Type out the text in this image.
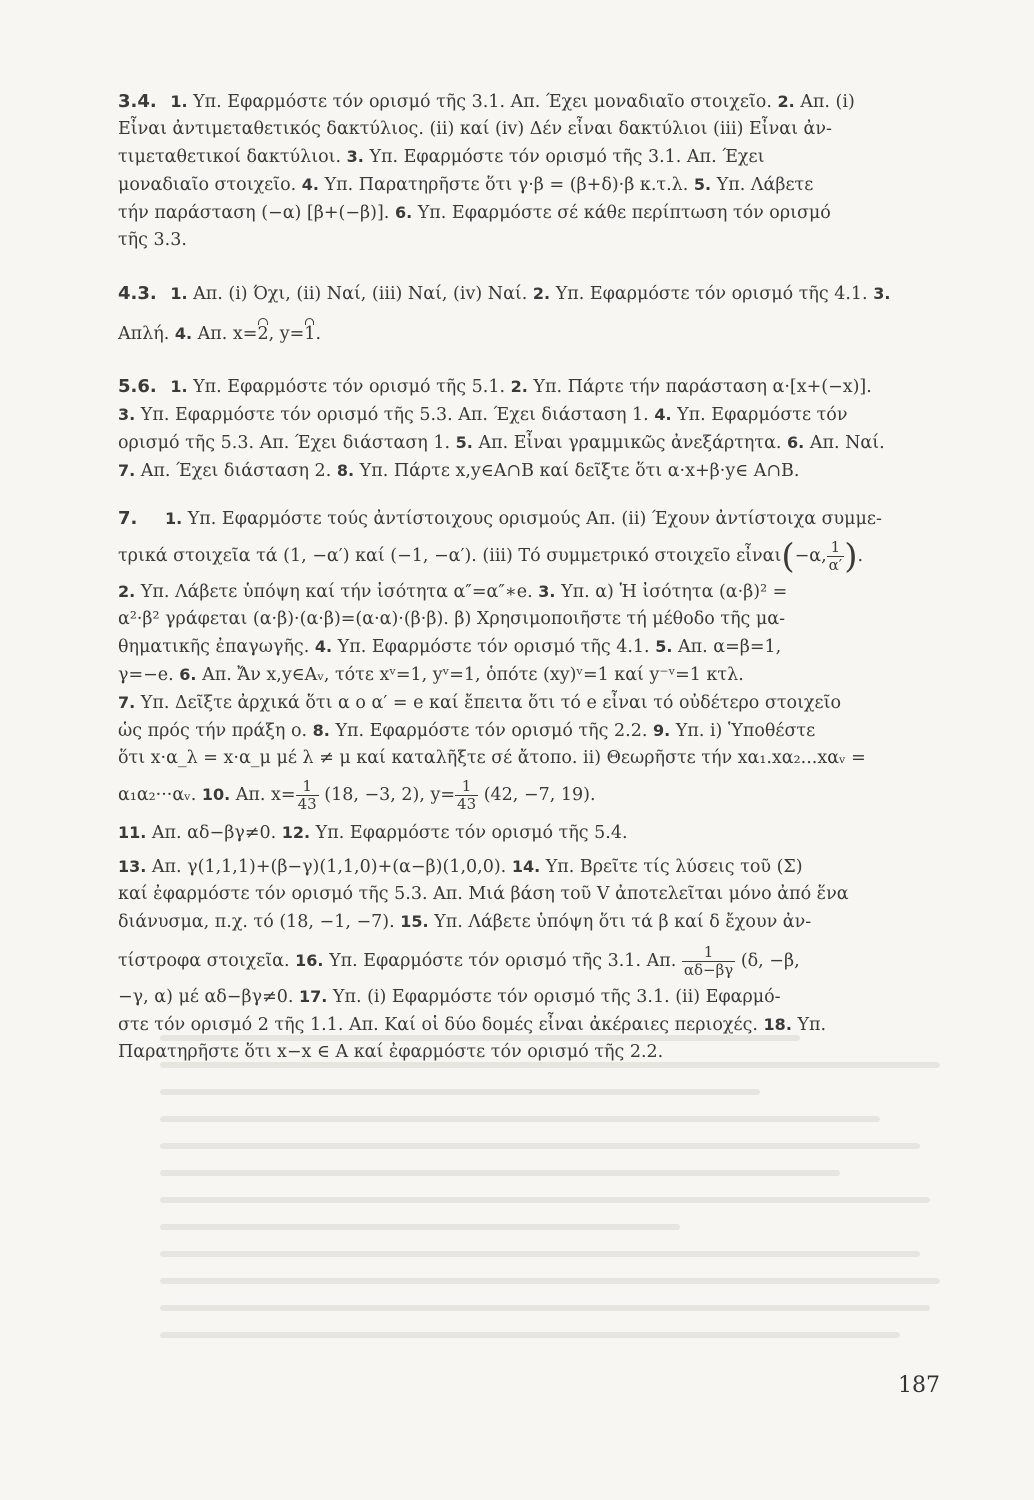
3.4. 1. Υπ. Εφαρμόστε τόν ορισμό τῆς 3.1. Απ. Έχει μοναδιαῖο στοιχεῖο. 2. Απ. (i)
Εἶναι ἀντιμεταθετικός δακτύλιος. (ii) καί (iv) Δέν εἶναι δακτύλιοι (iii) Εἶναι ἀν-
τιμεταθετικοί δακτύλιοι. 3. Υπ. Εφαρμόστε τόν ορισμό τῆς 3.1. Απ. Έχει
μοναδιαῖο στοιχεῖο. 4. Υπ. Παρατηρῆστε ὅτι γ·β = (β+δ)·β κ.τ.λ. 5. Υπ. Λάβετε
τήν παράσταση (−α) [β+(−β)]. 6. Υπ. Εφαρμόστε σέ κάθε περίπτωση τόν ορισμό
τῆς 3.3.
4.3. 1. Απ. (i) Όχι, (ii) Ναί, (iii) Ναί, (iv) Ναί. 2. Υπ. Εφαρμόστε τόν ορισμό τῆς 4.1. 3.
Απλή. 4. Απ. x=2, y=1.
5.6. 1. Υπ. Εφαρμόστε τόν ορισμό τῆς 5.1. 2. Υπ. Πάρτε τήν παράσταση α·[x+(−x)].
3. Υπ. Εφαρμόστε τόν ορισμό τῆς 5.3. Απ. Έχει διάσταση 1. 4. Υπ. Εφαρμόστε τόν
ορισμό τῆς 5.3. Απ. Έχει διάσταση 1. 5. Απ. Εἶναι γραμμικῶς ἀνεξάρτητα. 6. Απ. Ναί.
7. Απ. Έχει διάσταση 2. 8. Υπ. Πάρτε x,y∈A∩B καί δεῖξτε ὅτι α·x+β·y∈ A∩B.
7. 1. Υπ. Εφαρμόστε τούς ἀντίστοιχους ορισμούς Απ. (ii) Έχουν ἀντίστοιχα συμμε-
τρικά στοιχεῖα τά (1, −α′) καί (−1, −α′). (iii) Τό συμμετρικό στοιχεῖο εἶναι(−α, $\frac{1}{\alpha'}$ ).
2. Υπ. Λάβετε ὑπόψη καί τήν ἰσότητα α″=α″∗e. 3. Υπ. α) Ἡ ἰσότητα (α·β)² =
α²·β² γράφεται (α·β)·(α·β)=(α·α)·(β·β). β) Χρησιμοποιῆστε τή μέθοδο τῆς μα-
θηματικῆς ἐπαγωγῆς. 4. Υπ. Εφαρμόστε τόν ορισμό τῆς 4.1. 5. Απ. α=β=1,
γ=−e. 6. Απ. Ἄν x,y∈Aᵥ, τότε xᵛ=1, yᵛ=1, ὁπότε (xy)ᵛ=1 καί y⁻ᵛ=1 κτλ.
7. Υπ. Δεῖξτε ἀρχικά ὅτι α ο α′ = e καί ἔπειτα ὅτι τό e εἶναι τό οὐδέτερο στοιχεῖο
ὡς πρός τήν πράξη ο. 8. Υπ. Εφαρμόστε τόν ορισμό τῆς 2.2. 9. Υπ. i) Ὑποθέστε
ὅτι x·α_λ = x·α_μ μέ λ ≠ μ καί καταλῆξτε σέ ἄτοπο. ii) Θεωρῆστε τήν xα₁.xα₂...xαᵥ =
α₁α₂···αᵥ. 10. Απ. $x= \frac{1}{43} (18$, −3, 2), $y= \frac{1}{43} (42$, −7, 19).
11. Απ. αδ−βγ≠0. 12. Υπ. Εφαρμόστε τόν ορισμό τῆς 5.4.
13. Απ. γ(1,1,1)+(β−γ)(1,1,0)+(α−β)(1,0,0). 14. Υπ. Βρεῖτε τίς λύσεις τοῦ (Σ)
καί ἐφαρμόστε τόν ορισμό τῆς 5.3. Απ. Μιά βάση τοῦ V ἀποτελεῖται μόνο ἀπό ἕνα
διάνυσμα, π.χ. τό (18, −1, −7). 15. Υπ. Λάβετε ὑπόψη ὅτι τά β καί δ ἔχουν ἀν-
τίστροφα στοιχεῖα. 16. Υπ. Εφαρμόστε τόν ορισμό τῆς 3.1. Απ. $\frac{1}{\alpha\delta-\beta\gamma} (\delta$, −β,
−γ, α) μέ αδ−βγ≠0. 17. Υπ. (i) Εφαρμόστε τόν ορισμό τῆς 3.1. (ii) Εφαρμό-
στε τόν ορισμό 2 τῆς 1.1. Απ. Καί οἱ δύο δομές εἶναι ἀκέραιες περιοχές. 18. Υπ.
Παρατηρῆστε ὅτι x−x ∈ A καί ἐφαρμόστε τόν ορισμό τῆς 2.2.
187
